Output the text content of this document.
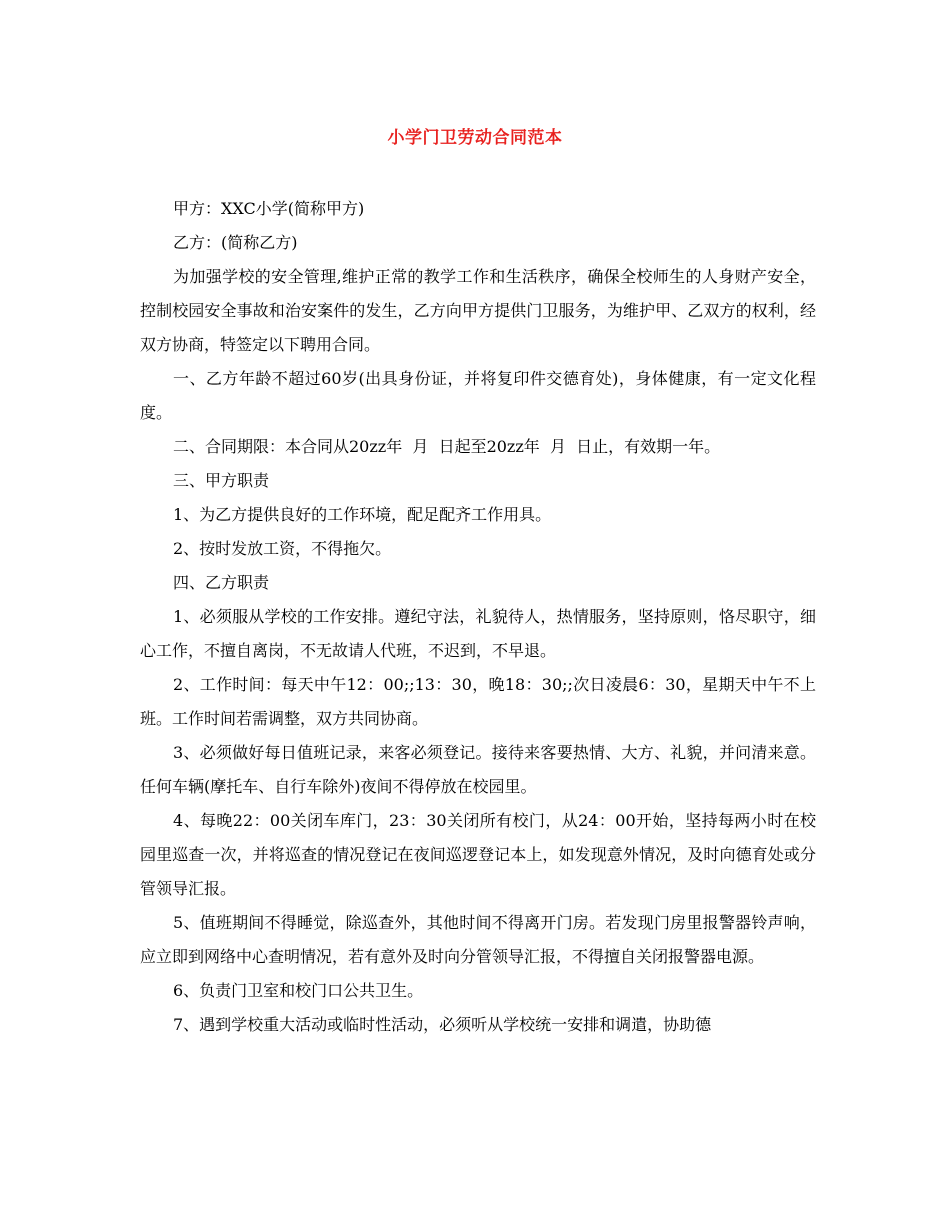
小学门卫劳动合同范本

甲方：XXC小学(简称甲方)

乙方：(简称乙方)

为加强学校的安全管理,维护正常的教学工作和生活秩序，确保全校师生的人身财产安全，控制校园安全事故和治安案件的发生，乙方向甲方提供门卫服务，为维护甲、乙双方的权利，经双方协商，特签定以下聘用合同。

一、乙方年龄不超过60岁(出具身份证，并将复印件交德育处)，身体健康，有一定文化程度。

二、合同期限：本合同从20zz年  月  日起至20zz年  月  日止，有效期一年。

三、甲方职责

1、为乙方提供良好的工作环境，配足配齐工作用具。

2、按时发放工资，不得拖欠。

四、乙方职责

1、必须服从学校的工作安排。遵纪守法，礼貌待人，热情服务，坚持原则，恪尽职守，细心工作，不擅自离岗，不无故请人代班，不迟到，不早退。

2、工作时间：每天中午12：00;;13：30，晚18：30;;次日凌晨6：30，星期天中午不上班。工作时间若需调整，双方共同协商。

3、必须做好每日值班记录，来客必须登记。接待来客要热情、大方、礼貌，并问清来意。任何车辆(摩托车、自行车除外)夜间不得停放在校园里。

4、每晚22：00关闭车库门，23：30关闭所有校门，从24：00开始，坚持每两小时在校园里巡查一次，并将巡查的情况登记在夜间巡逻登记本上，如发现意外情况，及时向德育处或分管领导汇报。

5、值班期间不得睡觉，除巡查外，其他时间不得离开门房。若发现门房里报警器铃声响，应立即到网络中心查明情况，若有意外及时向分管领导汇报，不得擅自关闭报警器电源。

6、负责门卫室和校门口公共卫生。

7、遇到学校重大活动或临时性活动，必须听从学校统一安排和调遣，协助德
